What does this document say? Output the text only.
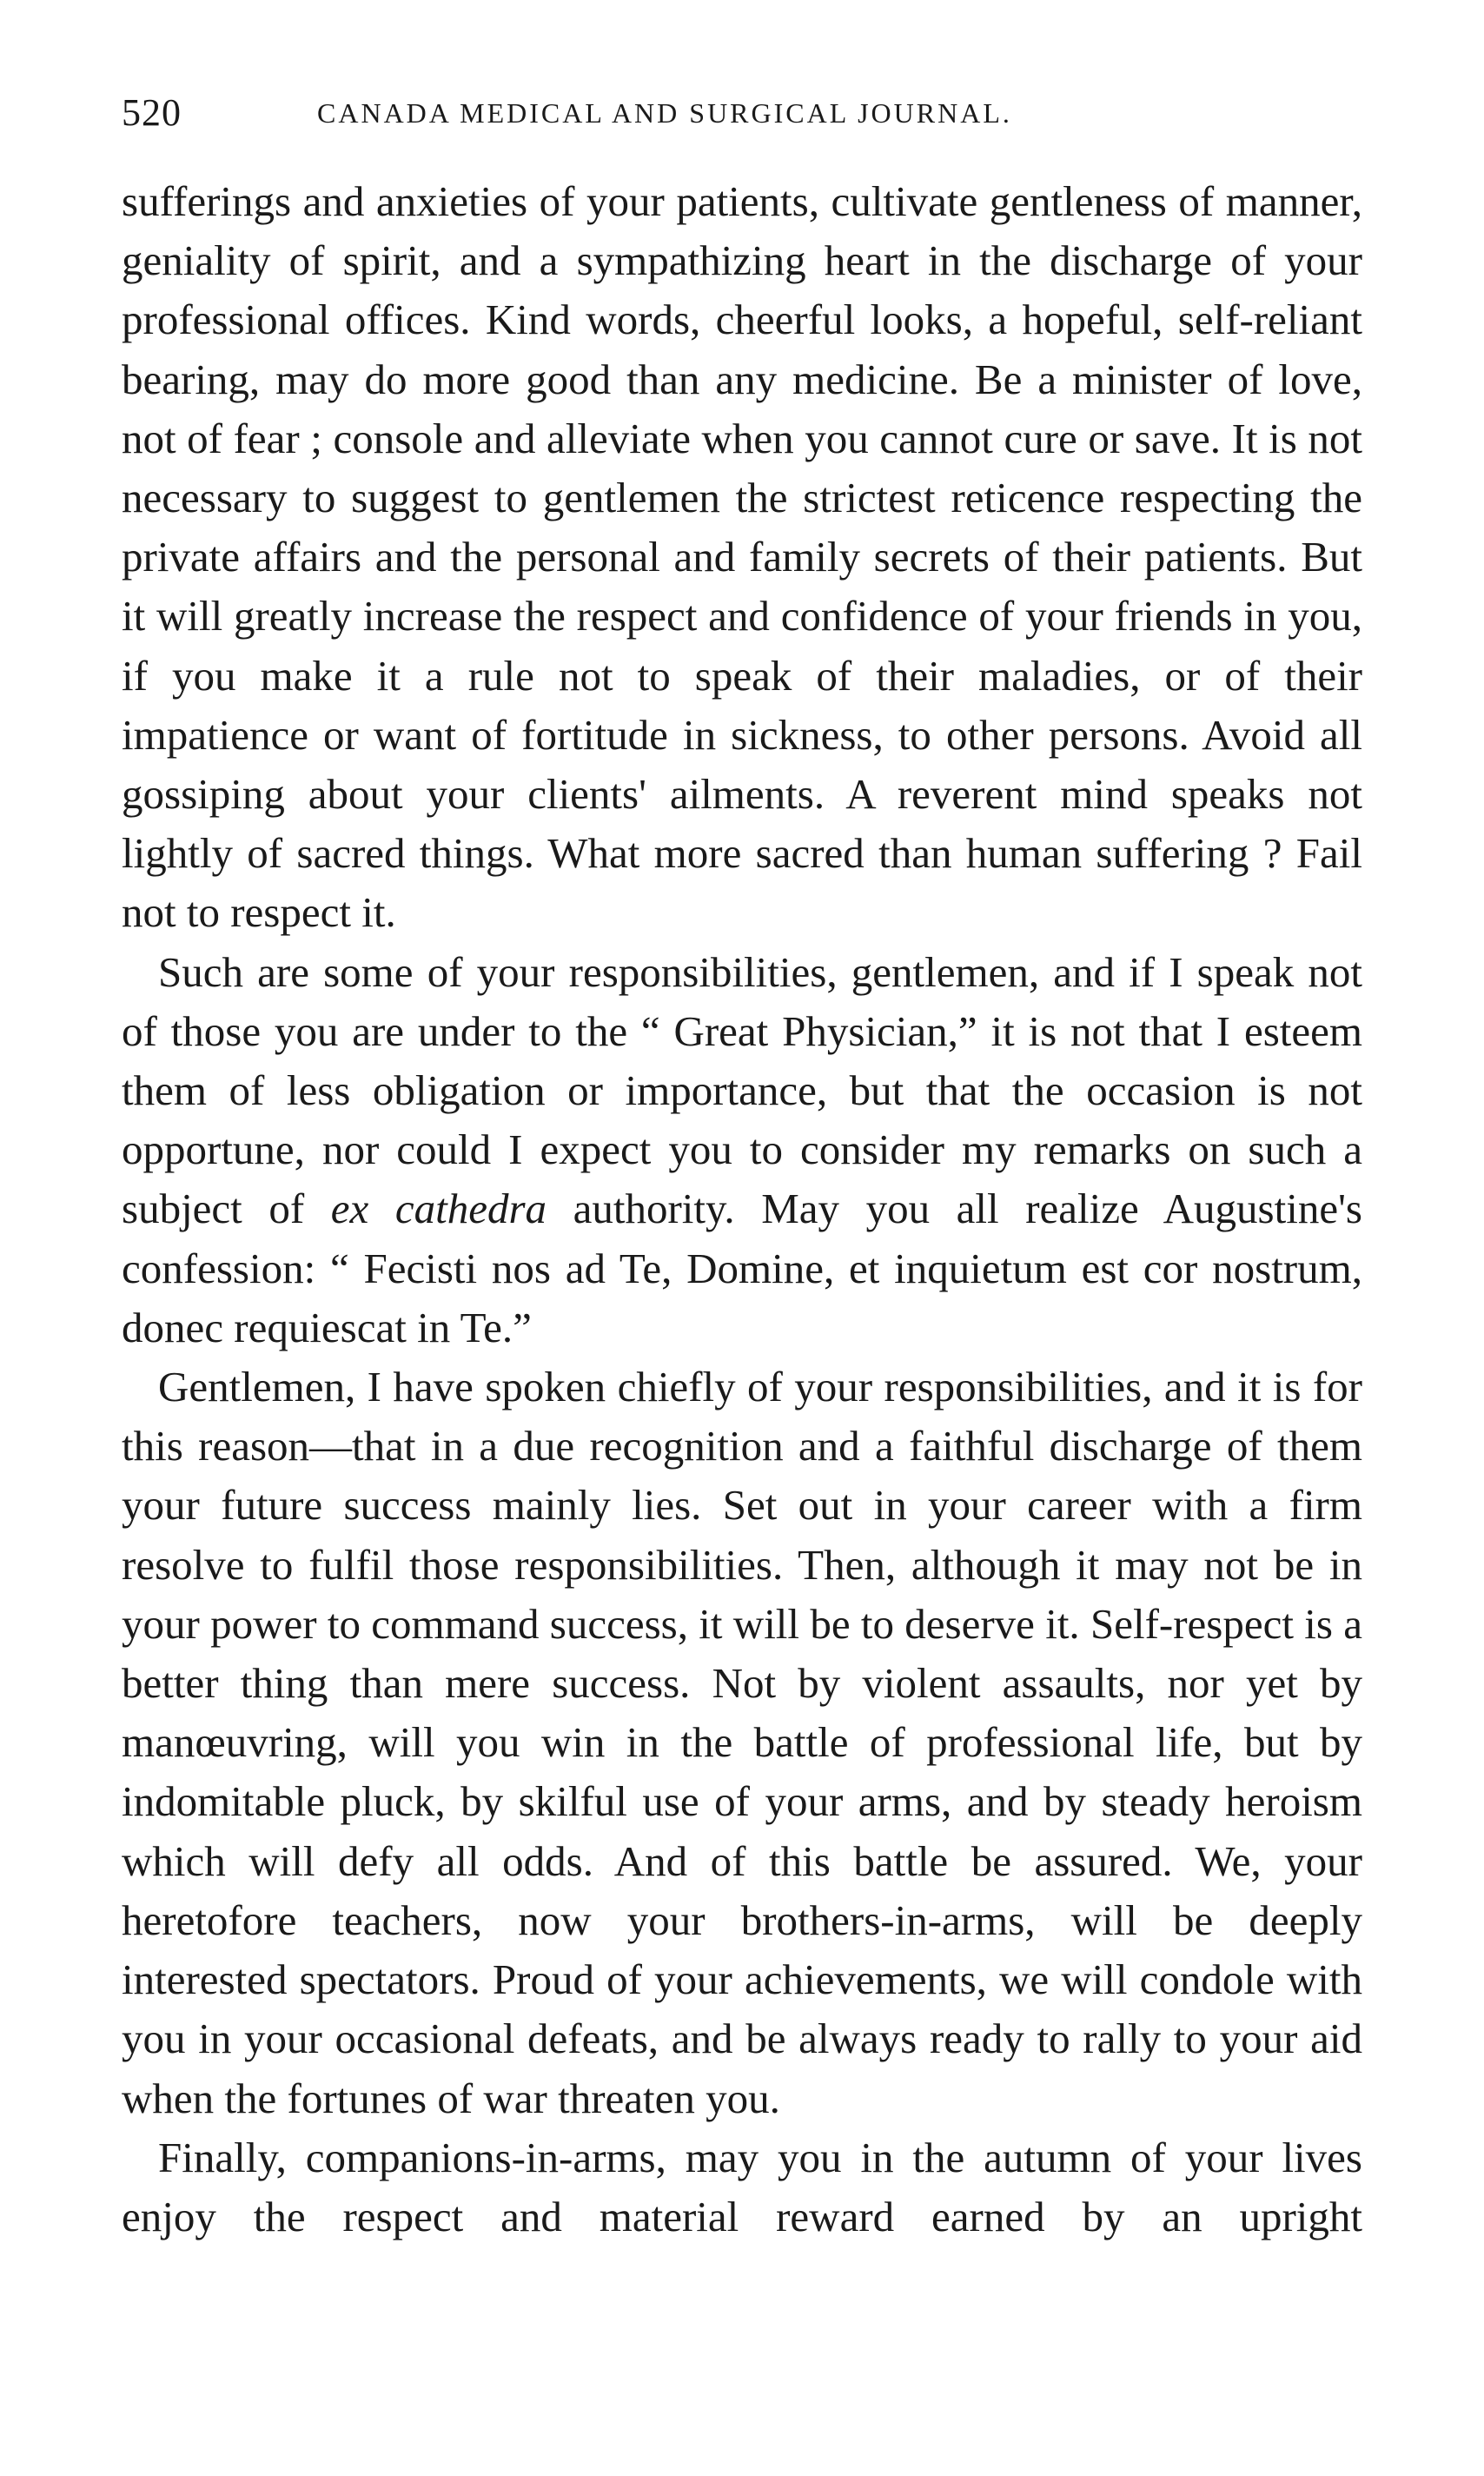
520	CANADA MEDICAL AND SURGICAL JOURNAL.

sufferings and anxieties of your patients, cultivate gentleness of manner, geniality of spirit, and a sympathizing heart in the discharge of your professional offices. Kind words, cheerful looks, a hopeful, self-reliant bearing, may do more good than any medicine. Be a minister of love, not of fear ; console and alleviate when you cannot cure or save. It is not necessary to suggest to gentlemen the strictest reticence respecting the private affairs and the personal and family secrets of their patients. But it will greatly increase the respect and confidence of your friends in you, if you make it a rule not to speak of their maladies, or of their impatience or want of fortitude in sickness, to other persons. Avoid all gossiping about your clients' ailments. A reverent mind speaks not lightly of sacred things. What more sacred than human suffering ? Fail not to respect it.

Such are some of your responsibilities, gentlemen, and if I speak not of those you are under to the “ Great Physician,” it is not that I esteem them of less obligation or importance, but that the occasion is not opportune, nor could I expect you to consider my remarks on such a subject of ex cathedra authority. May you all realize Augustine's confession: “ Fecisti nos ad Te, Domine, et inquietum est cor nostrum, donec requiescat in Te.”

Gentlemen, I have spoken chiefly of your responsibilities, and it is for this reason—that in a due recognition and a faithful discharge of them your future success mainly lies. Set out in your career with a firm resolve to fulfil those responsibilities. Then, although it may not be in your power to command success, it will be to deserve it. Self-respect is a better thing than mere success. Not by violent assaults, nor yet by manœuvring, will you win in the battle of professional life, but by indomitable pluck, by skilful use of your arms, and by steady heroism which will defy all odds. And of this battle be assured. We, your heretofore teachers, now your brothers-in-arms, will be deeply interested spectators. Proud of your achievements, we will condole with you in your occasional defeats, and be always ready to rally to your aid when the fortunes of war threaten you.

Finally, companions-in-arms, may you in the autumn of your lives enjoy the respect and material reward earned by an upright
